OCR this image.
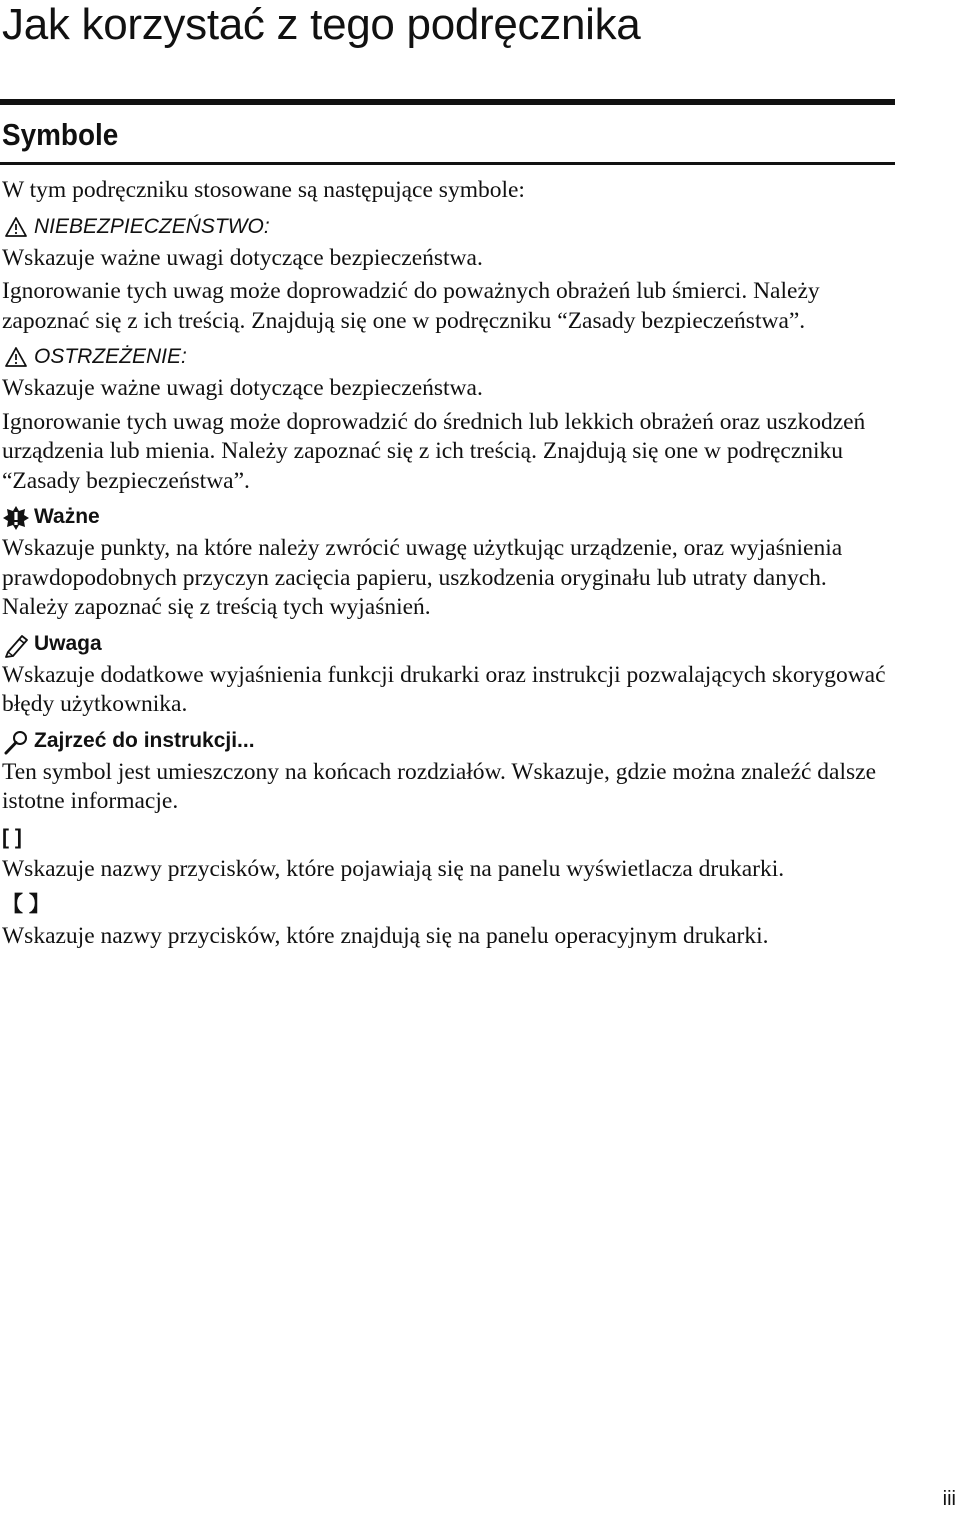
Jak korzystać z tego podręcznika
Symbole

W tym podręczniku stosowane są następujące symbole:

NIEBEZPIECZEŃSTWO:

Wskazuje ważne uwagi dotyczące bezpieczeństwa.

Ignorowanie tych uwag może doprowadzić do poważnych obrażeń lub śmierci. Należy zapoznać się z ich treścią. Znajdują się one w podręczniku “Zasady bezpieczeństwa”.

OSTRZEŻENIE:

Wskazuje ważne uwagi dotyczące bezpieczeństwa.

Ignorowanie tych uwag może doprowadzić do średnich lub lekkich obrażeń oraz uszkodzeń urządzenia lub mienia. Należy zapoznać się z ich treścią. Znajdują się one w podręczniku “Zasady bezpieczeństwa”.

Ważne

Wskazuje punkty, na które należy zwrócić uwagę użytkując urządzenie, oraz wyjaśnienia prawdopodobnych przyczyn zacięcia papieru, uszkodzenia oryginału lub utraty danych. Należy zapoznać się z treścią tych wyjaśnień.

Uwaga

Wskazuje dodatkowe wyjaśnienia funkcji drukarki oraz instrukcji pozwalających skorygować błędy użytkownika.

Zajrzeć do instrukcji...

Ten symbol jest umieszczony na końcach rozdziałów. Wskazuje, gdzie można znaleźć dalsze istotne informacje.

[ ]

Wskazuje nazwy przycisków, które pojawiają się na panelu wyświetlacza drukarki.

【 】

Wskazuje nazwy przycisków, które znajdują się na panelu operacyjnym drukarki.

iii
